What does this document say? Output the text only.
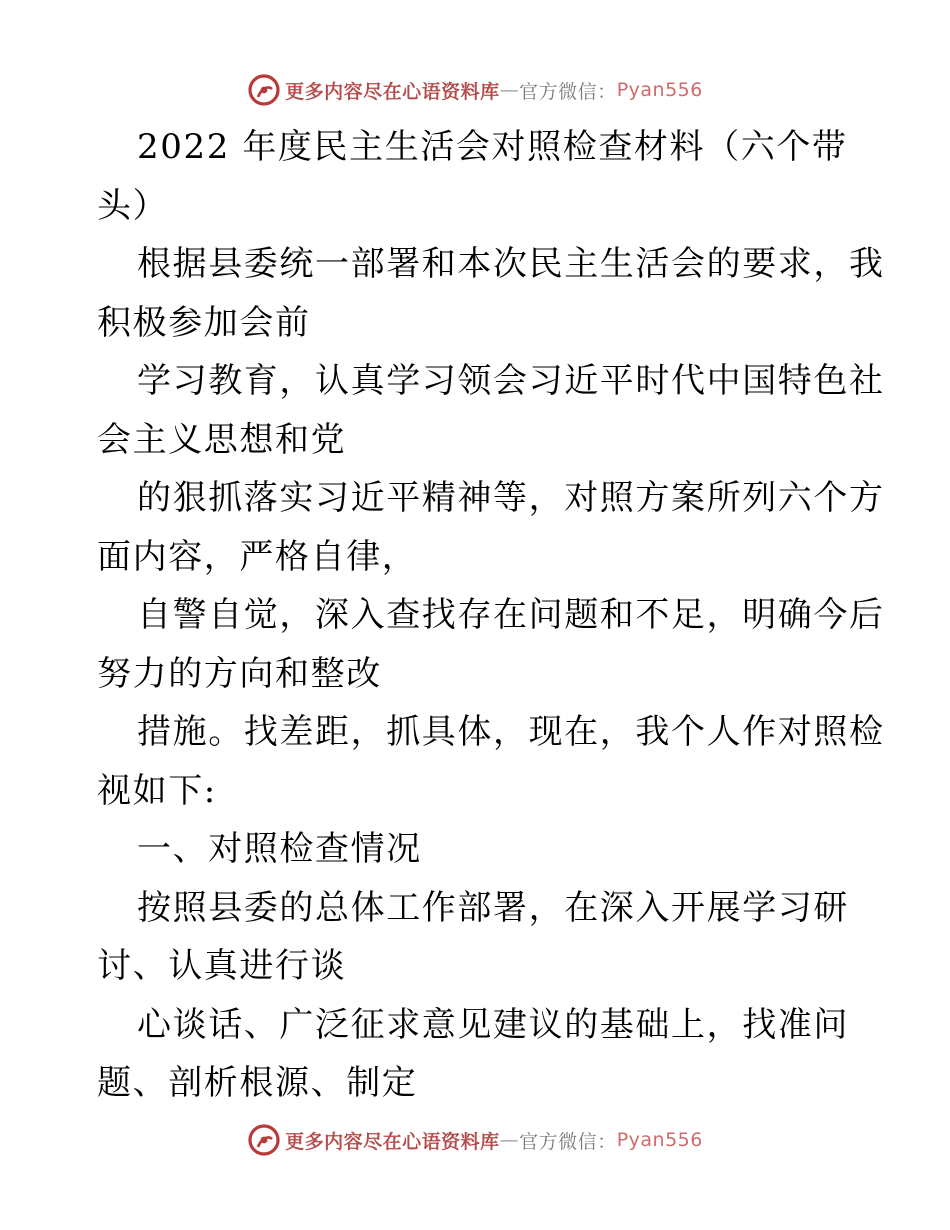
更多内容尽在心语资料库 — 官方微信： Pyan556
2022 年度民主生活会对照检查材料（六个带
头）
根据县委统一部署和本次民主生活会的要求，我
积极参加会前
学习教育，认真学习领会习近平时代中国特色社
会主义思想和党
的狠抓落实习近平精神等，对照方案所列六个方
面内容，严格自律，
自警自觉，深入查找存在问题和不足，明确今后
努力的方向和整改
措施。找差距，抓具体，现在，我个人作对照检
视如下:
一、对照检查情况
按照县委的总体工作部署，在深入开展学习研
讨、认真进行谈
心谈话、广泛征求意见建议的基础上，找准问
题、剖析根源、制定
更多内容尽在心语资料库 — 官方微信： Pyan556
